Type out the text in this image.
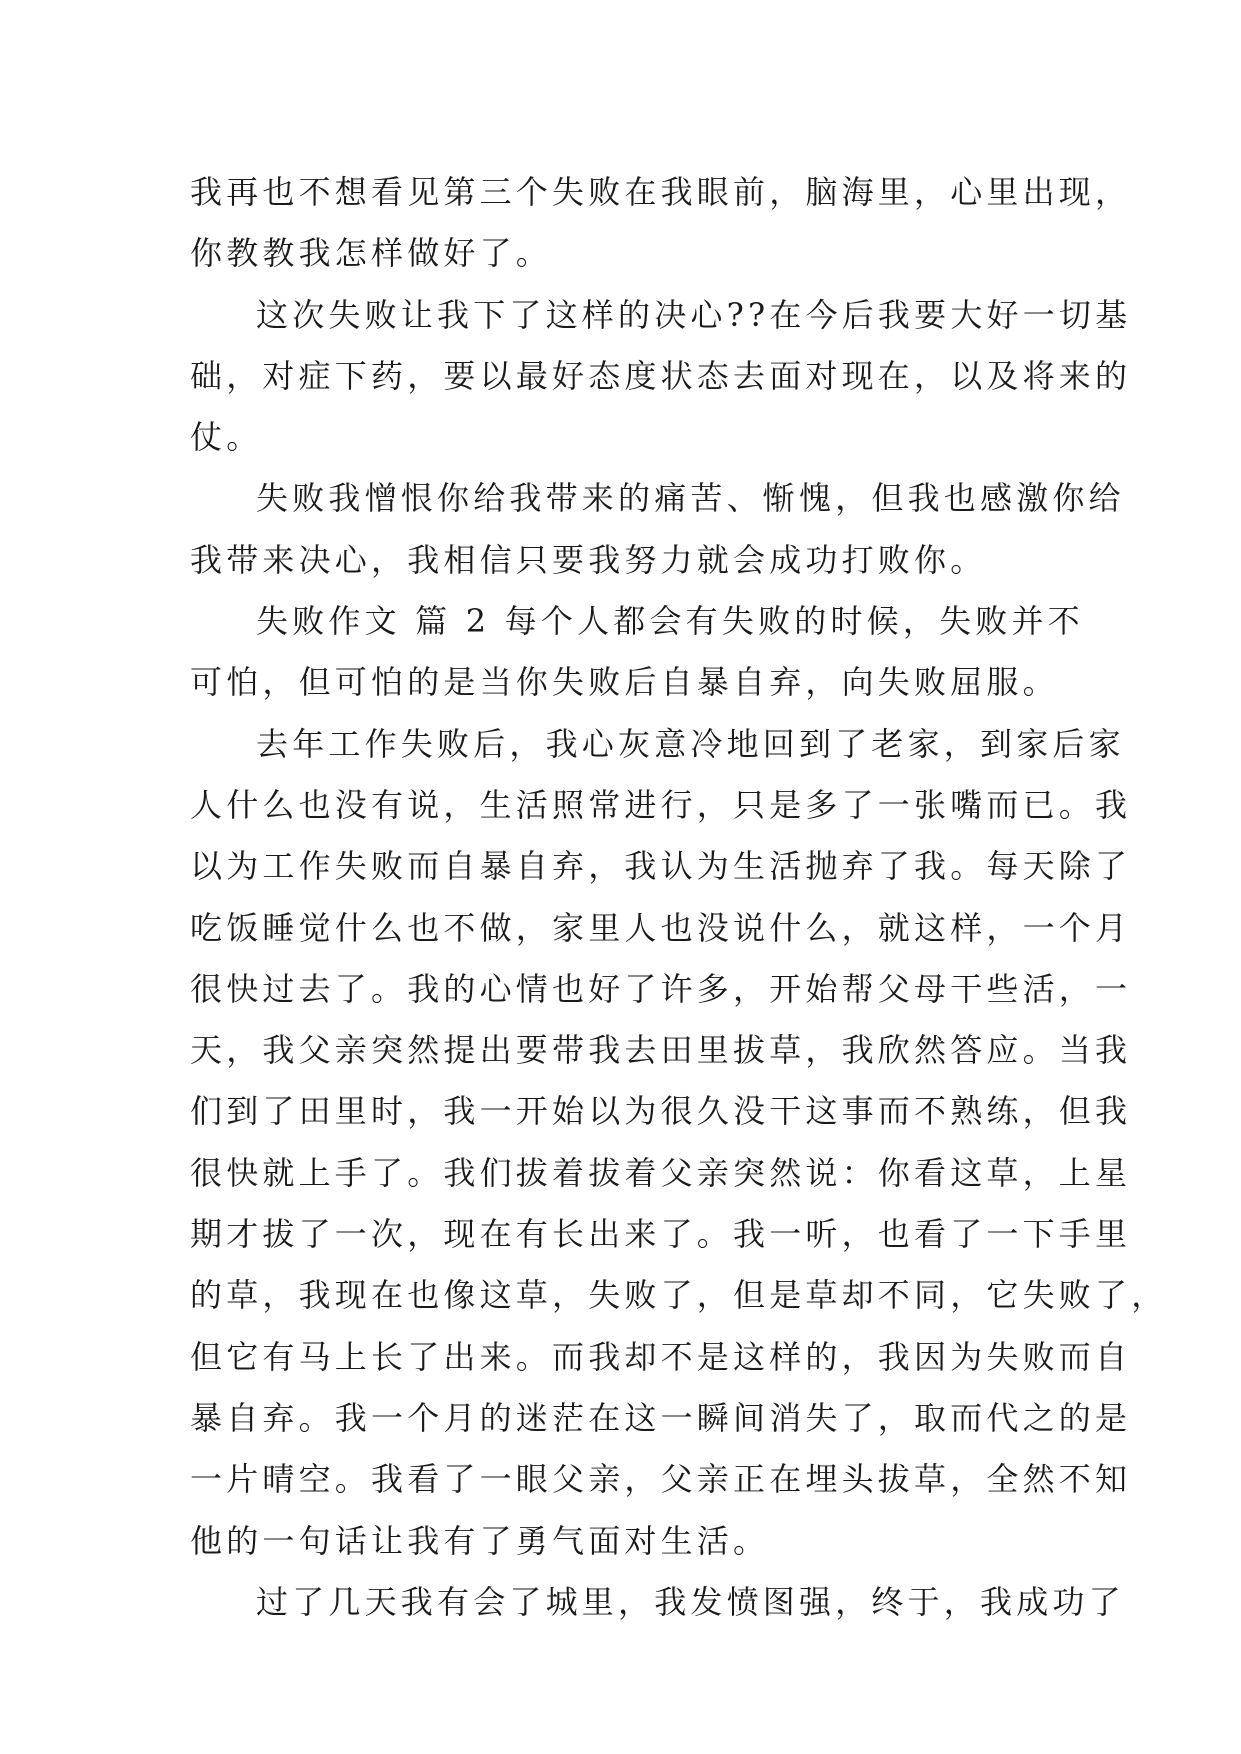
我再也不想看见第三个失败在我眼前，脑海里，心里出现，
你教教我怎样做好了。
这次失败让我下了这样的决心??在今后我要大好一切基
础，对症下药，要以最好态度状态去面对现在，以及将来的
仗。
失败我憎恨你给我带来的痛苦、惭愧，但我也感激你给
我带来决心，我相信只要我努力就会成功打败你。
失败作文 篇 2 每个人都会有失败的时候，失败并不
可怕，但可怕的是当你失败后自暴自弃，向失败屈服。
去年工作失败后，我心灰意冷地回到了老家，到家后家
人什么也没有说，生活照常进行，只是多了一张嘴而已。我
以为工作失败而自暴自弃，我认为生活抛弃了我。每天除了
吃饭睡觉什么也不做，家里人也没说什么，就这样，一个月
很快过去了。我的心情也好了许多，开始帮父母干些活，一
天，我父亲突然提出要带我去田里拔草，我欣然答应。当我
们到了田里时，我一开始以为很久没干这事而不熟练，但我
很快就上手了。我们拔着拔着父亲突然说：你看这草，上星
期才拔了一次，现在有长出来了。我一听，也看了一下手里
的草，我现在也像这草，失败了，但是草却不同，它失败了，
但它有马上长了出来。而我却不是这样的，我因为失败而自
暴自弃。我一个月的迷茫在这一瞬间消失了，取而代之的是
一片晴空。我看了一眼父亲，父亲正在埋头拔草，全然不知
他的一句话让我有了勇气面对生活。
过了几天我有会了城里，我发愤图强，终于，我成功了
